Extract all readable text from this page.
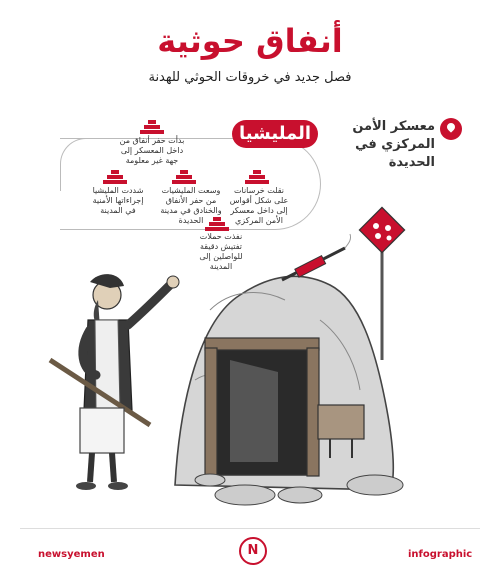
أنفاق حوثية
فصل جديد في خروقات الحوثي للهدنة
معسكر الأمن
المركزي في الحديدة
المليشيا
بدأت حفر أنفاق من داخل المعسكر إلى جهة غير معلومة
نقلت خرسانات على شكل أقواس إلى داخل معسكر الأمن المركزي
وسعت المليشيات من حفر الأنفاق والخنادق في مدينة الحديدة
شددت المليشيا إجراءاتها الأمنية في المدينة
نفذت حملات تفتيش دقيقة للواصلين إلى المدينة
newsyemen	N	infographic
